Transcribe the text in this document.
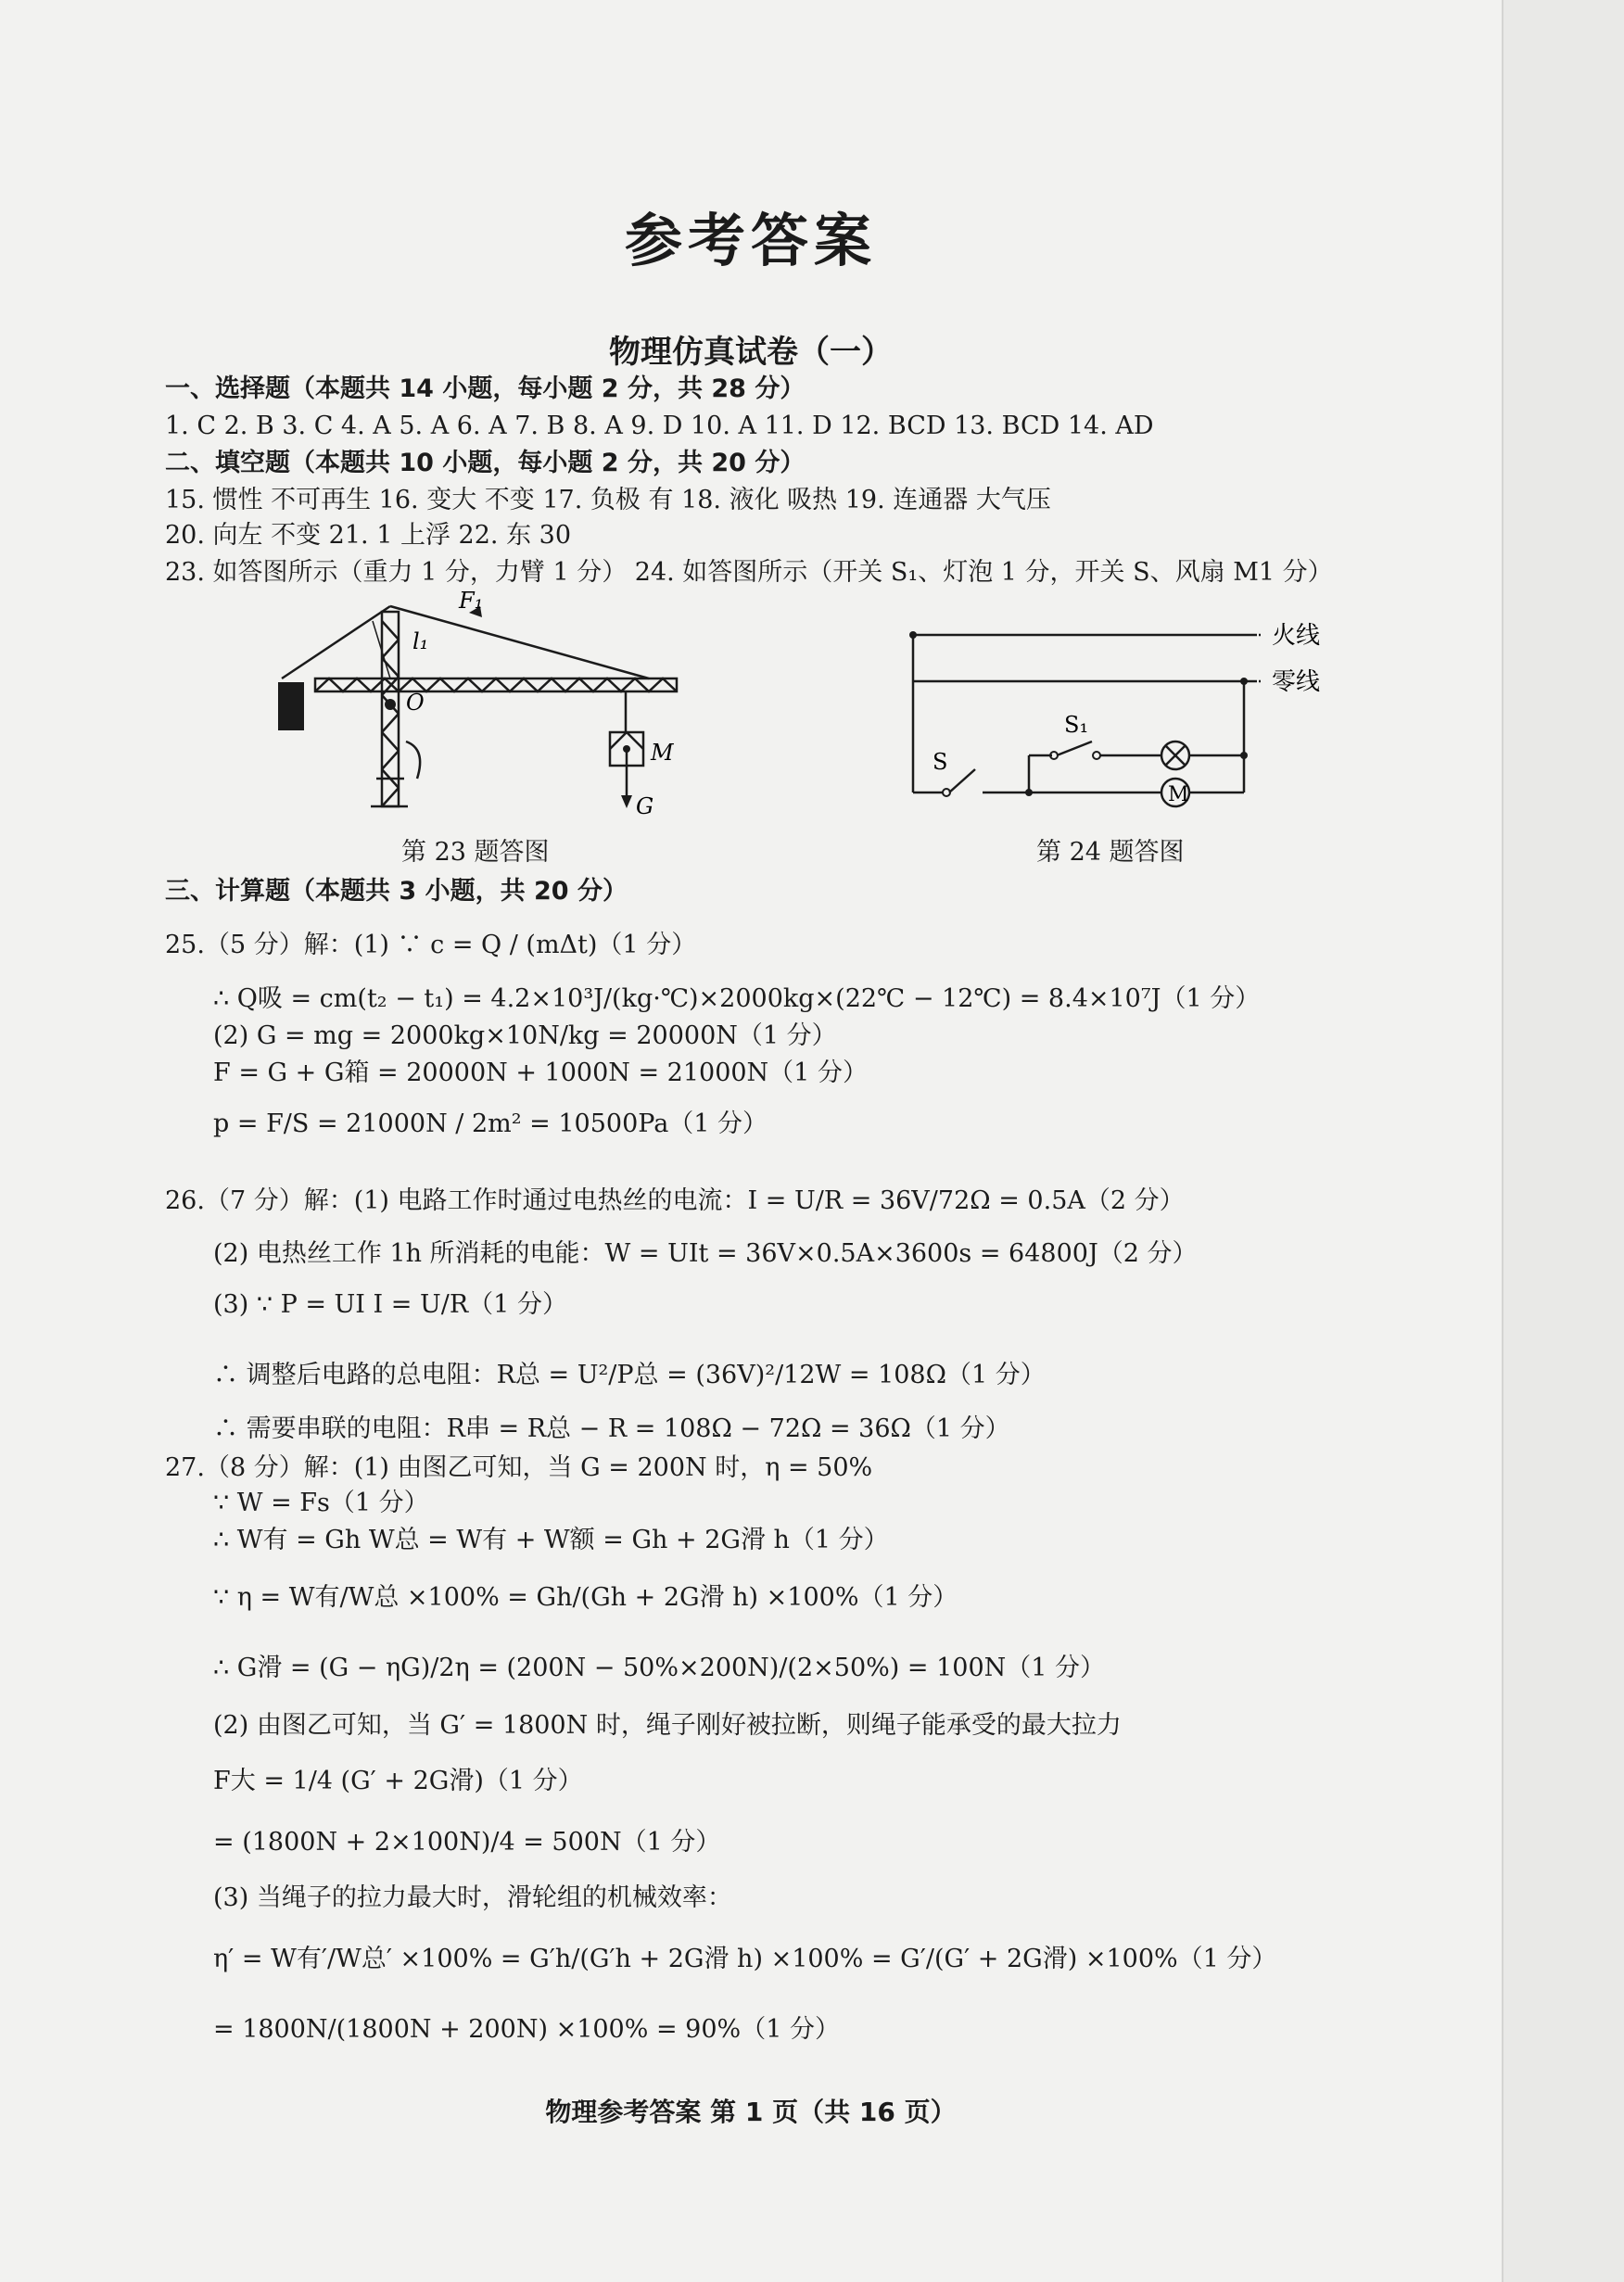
参考答案
物理仿真试卷（一）
一、选择题（本题共 14 小题，每小题 2 分，共 28 分）
1. C 2. B 3. C 4. A 5. A 6. A 7. B 8. A 9. D 10. A 11. D 12. BCD 13. BCD 14. AD
二、填空题（本题共 10 小题，每小题 2 分，共 20 分）
15. 惯性 不可再生 16. 变大 不变 17. 负极 有 18. 液化 吸热 19. 连通器 大气压
20. 向左 不变 21. 1 上浮 22. 东 30
23. 如答图所示（重力 1 分，力臂 1 分） 24. 如答图所示（开关 S₁、灯泡 1 分，开关 S、风扇 M1 分）
F₁
l₁
O
M
G
第 23 题答图
火线
零线
S
S₁
M
第 24 题答图
三、计算题（本题共 3 小题，共 20 分）
25.（5 分）解：(1) ∵ c = Q / (mΔt)（1 分）
∴ Q吸 = cm(t₂ − t₁) = 4.2×10³J/(kg·℃)×2000kg×(22℃ − 12℃) = 8.4×10⁷J（1 分）
(2) G = mg = 2000kg×10N/kg = 20000N（1 分）
F = G + G箱 = 20000N + 1000N = 21000N（1 分）
p = F/S = 21000N / 2m² = 10500Pa（1 分）
26.（7 分）解：(1) 电路工作时通过电热丝的电流：I = U/R = 36V/72Ω = 0.5A（2 分）
(2) 电热丝工作 1h 所消耗的电能：W = UIt = 36V×0.5A×3600s = 64800J（2 分）
(3) ∵ P = UI I = U/R（1 分）
∴ 调整后电路的总电阻：R总 = U²/P总 = (36V)²/12W = 108Ω（1 分）
∴ 需要串联的电阻：R串 = R总 − R = 108Ω − 72Ω = 36Ω（1 分）
27.（8 分）解：(1) 由图乙可知，当 G = 200N 时，η = 50%
∵ W = Fs（1 分）
∴ W有 = Gh W总 = W有 + W额 = Gh + 2G滑 h（1 分）
∵ η = W有/W总 ×100% = Gh/(Gh + 2G滑 h) ×100%（1 分）
∴ G滑 = (G − ηG)/2η = (200N − 50%×200N)/(2×50%) = 100N（1 分）
(2) 由图乙可知，当 G′ = 1800N 时，绳子刚好被拉断，则绳子能承受的最大拉力
F大 = 1/4 (G′ + 2G滑)（1 分）
= (1800N + 2×100N)/4 = 500N（1 分）
(3) 当绳子的拉力最大时，滑轮组的机械效率：
η′ = W有′/W总′ ×100% = G′h/(G′h + 2G滑 h) ×100% = G′/(G′ + 2G滑) ×100%（1 分）
= 1800N/(1800N + 200N) ×100% = 90%（1 分）
物理参考答案 第 1 页（共 16 页）
